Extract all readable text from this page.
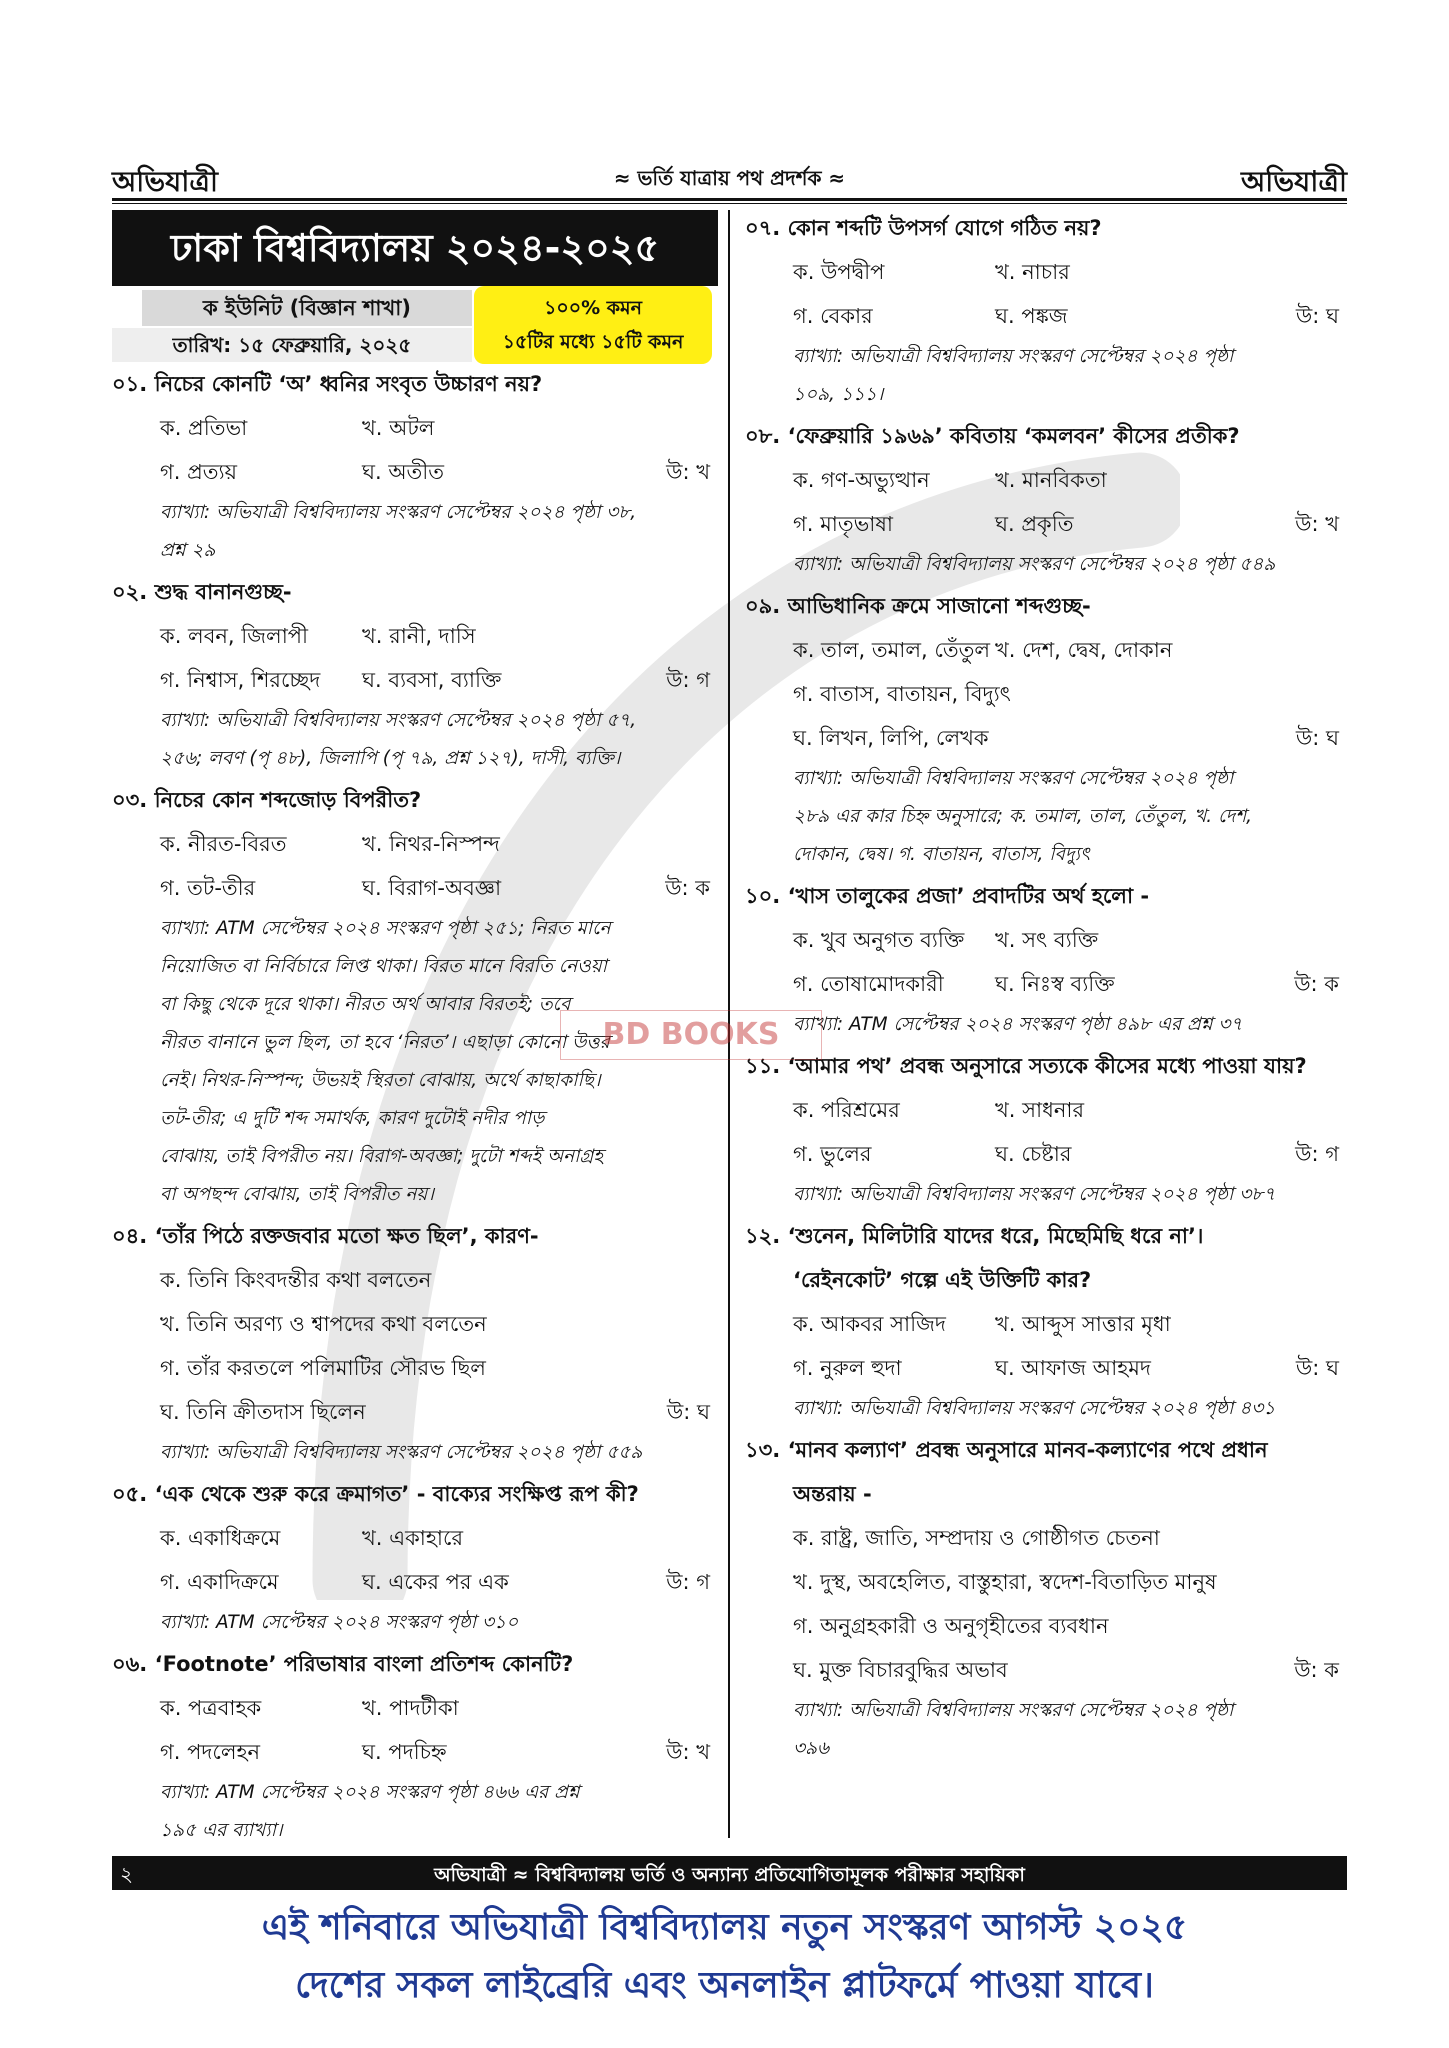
অভিযাত্রী	≈ ভর্তি যাত্রায় পথ প্রদর্শক ≈	অভিযাত্রী
ঢাকা বিশ্ববিদ্যালয় ২০২৪-২০২৫
ক ইউনিট (বিজ্ঞান শাখা)
তারিখ: ১৫ ফেব্রুয়ারি, ২০২৫
১০০% কমন
১৫টির মধ্যে ১৫টি কমন
০১. নিচের কোনটি ‘অ’ ধ্বনির সংবৃত উচ্চারণ নয়?
ক. প্রতিভা	খ. অটল
গ. প্রত্যয়	ঘ. অতীত	উ: খ
ব্যাখ্যা: অভিযাত্রী বিশ্ববিদ্যালয় সংস্করণ সেপ্টেম্বর ২০২৪ পৃষ্ঠা ৩৮,
প্রশ্ন ২৯
০২. শুদ্ধ বানানগুচ্ছ-
ক. লবন, জিলাপী	খ. রানী, দাসি
গ. নিশ্বাস, শিরচ্ছেদ ঘ. ব্যবসা, ব্যাক্তি	উ: গ
ব্যাখ্যা: অভিযাত্রী বিশ্ববিদ্যালয় সংস্করণ সেপ্টেম্বর ২০২৪ পৃষ্ঠা ৫৭,
২৫৬; লবণ (পৃ ৪৮), জিলাপি (পৃ ৭৯, প্রশ্ন ১২৭), দাসী, ব্যক্তি।
০৩. নিচের কোন শব্দজোড় বিপরীত?
ক. নীরত-বিরত	খ. নিথর-নিস্পন্দ
গ. তট-তীর	ঘ. বিরাগ-অবজ্ঞা	উ: ক
ব্যাখ্যা: ATM সেপ্টেম্বর ২০২৪ সংস্করণ পৃষ্ঠা ২৫১; নিরত মানে
নিয়োজিত বা নির্বিচারে লিপ্ত থাকা। বিরত মানে বিরতি নেওয়া
বা কিছু থেকে দূরে থাকা। নীরত অর্থ আবার বিরতই; তবে
নীরত বানানে ভুল ছিল, তা হবে ‘নিরত’। এছাড়া কোনো উত্তর
নেই। নিথর-নিস্পন্দ; উভয়ই স্থিরতা বোঝায়, অর্থে কাছাকাছি।
তট-তীর; এ দুটি শব্দ সমার্থক, কারণ দুটোই নদীর পাড়
বোঝায়, তাই বিপরীত নয়। বিরাগ-অবজ্ঞা; দুটো শব্দই অনাগ্রহ
বা অপছন্দ বোঝায়, তাই বিপরীত নয়।
০৪. ‘তাঁর পিঠে রক্তজবার মতো ক্ষত ছিল’, কারণ-
ক. তিনি কিংবদন্তীর কথা বলতেন
খ. তিনি অরণ্য ও শ্বাপদের কথা বলতেন
গ. তাঁর করতলে পলিমাটির সৌরভ ছিল
ঘ. তিনি ক্রীতদাস ছিলেন	উ: ঘ
ব্যাখ্যা: অভিযাত্রী বিশ্ববিদ্যালয় সংস্করণ সেপ্টেম্বর ২০২৪ পৃষ্ঠা ৫৫৯
০৫. ‘এক থেকে শুরু করে ক্রমাগত’ - বাক্যের সংক্ষিপ্ত রূপ কী?
ক. একাধিক্রমে	খ. একাহারে
গ. একাদিক্রমে	ঘ. একের পর এক	উ: গ
ব্যাখ্যা: ATM সেপ্টেম্বর ২০২৪ সংস্করণ পৃষ্ঠা ৩১০
০৬. ‘Footnote’ পরিভাষার বাংলা প্রতিশব্দ কোনটি?
ক. পত্রবাহক	খ. পাদটীকা
গ. পদলেহন	ঘ. পদচিহ্ন	উ: খ
ব্যাখ্যা: ATM সেপ্টেম্বর ২০২৪ সংস্করণ পৃষ্ঠা ৪৬৬ এর প্রশ্ন
১৯৫ এর ব্যাখ্যা।
০৭. কোন শব্দটি উপসর্গ যোগে গঠিত নয়?
ক. উপদ্বীপ	খ. নাচার
গ. বেকার	ঘ. পঙ্কজ	উ: ঘ
ব্যাখ্যা: অভিযাত্রী বিশ্ববিদ্যালয় সংস্করণ সেপ্টেম্বর ২০২৪ পৃষ্ঠা
১০৯, ১১১।
০৮. ‘ফেব্রুয়ারি ১৯৬৯’ কবিতায় ‘কমলবন’ কীসের প্রতীক?
ক. গণ-অভ্যুত্থান	খ. মানবিকতা
গ. মাতৃভাষা	ঘ. প্রকৃতি	উ: খ
ব্যাখ্যা: অভিযাত্রী বিশ্ববিদ্যালয় সংস্করণ সেপ্টেম্বর ২০২৪ পৃষ্ঠা ৫৪৯
০৯. আভিধানিক ক্রমে সাজানো শব্দগুচ্ছ-
ক. তাল, তমাল, তেঁতুল খ. দেশ, দ্বেষ, দোকান
গ. বাতাস, বাতায়ন, বিদ্যুৎ
ঘ. লিখন, লিপি, লেখক	উ: ঘ
ব্যাখ্যা: অভিযাত্রী বিশ্ববিদ্যালয় সংস্করণ সেপ্টেম্বর ২০২৪ পৃষ্ঠা
২৮৯ এর কার চিহ্ন অনুসারে; ক. তমাল, তাল, তেঁতুল, খ. দেশ,
দোকান, দ্বেষ। গ. বাতায়ন, বাতাস, বিদ্যুৎ
১০. ‘খাস তালুকের প্রজা’ প্রবাদটির অর্থ হলো -
ক. খুব অনুগত ব্যক্তি খ. সৎ ব্যক্তি
গ. তোষামোদকারী ঘ. নিঃস্ব ব্যক্তি	উ: ক
ব্যাখ্যা: ATM সেপ্টেম্বর ২০২৪ সংস্করণ পৃষ্ঠা ৪৯৮ এর প্রশ্ন ৩৭
১১. ‘আমার পথ’ প্রবন্ধ অনুসারে সত্যকে কীসের মধ্যে পাওয়া যায়?
ক. পরিশ্রমের	খ. সাধনার
গ. ভুলের	ঘ. চেষ্টার	উ: গ
ব্যাখ্যা: অভিযাত্রী বিশ্ববিদ্যালয় সংস্করণ সেপ্টেম্বর ২০২৪ পৃষ্ঠা ৩৮৭
১২. ‘শুনেন, মিলিটারি যাদের ধরে, মিছেমিছি ধরে না’।
‘রেইনকোট’ গল্পে এই উক্তিটি কার?
ক. আকবর সাজিদ খ. আব্দুস সাত্তার মৃধা
গ. নুরুল হুদা	ঘ. আফাজ আহমদ	উ: ঘ
ব্যাখ্যা: অভিযাত্রী বিশ্ববিদ্যালয় সংস্করণ সেপ্টেম্বর ২০২৪ পৃষ্ঠা ৪৩১
১৩. ‘মানব কল্যাণ’ প্রবন্ধ অনুসারে মানব-কল্যাণের পথে প্রধান
অন্তরায় -
ক. রাষ্ট্র, জাতি, সম্প্রদায় ও গোষ্ঠীগত চেতনা
খ. দুস্থ, অবহেলিত, বাস্তুহারা, স্বদেশ-বিতাড়িত মানুষ
গ. অনুগ্রহকারী ও অনুগৃহীতের ব্যবধান
ঘ. মুক্ত বিচারবুদ্ধির অভাব	উ: ক
ব্যাখ্যা: অভিযাত্রী বিশ্ববিদ্যালয় সংস্করণ সেপ্টেম্বর ২০২৪ পৃষ্ঠা
৩৯৬
BD BOOKS
২	অভিযাত্রী ≈ বিশ্ববিদ্যালয় ভর্তি ও অন্যান্য প্রতিযোগিতামূলক পরীক্ষার সহায়িকা
এই শনিবারে অভিযাত্রী বিশ্ববিদ্যালয় নতুন সংস্করণ আগস্ট ২০২৫
দেশের সকল লাইব্রেরি এবং অনলাইন প্লাটফর্মে পাওয়া যাবে।
